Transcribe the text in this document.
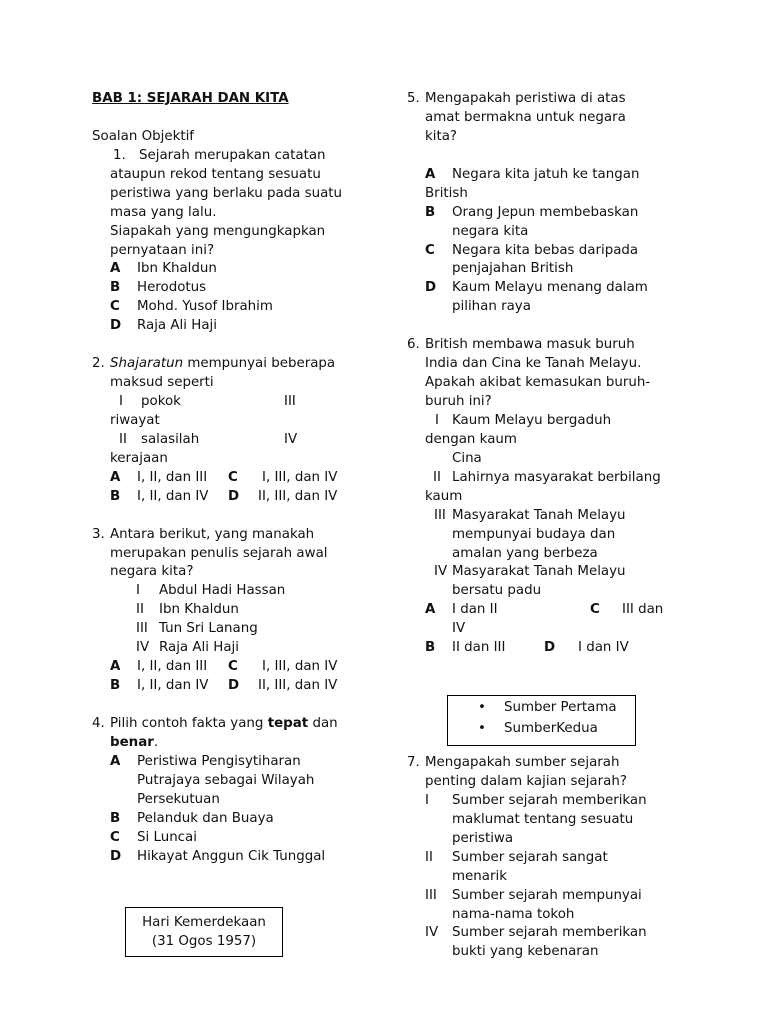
BAB 1: SEJARAH DAN KITA
Soalan Objektif
1. Sejarah merupakan catatan
ataupun rekod tentang sesuatu
peristiwa yang berlaku pada suatu
masa yang lalu.
Siapakah yang mengungkapkan
pernyataan ini?
A Ibn Khaldun
B Herodotus
C Mohd. Yusof Ibrahim
D Raja Ali Haji
2. Shajaratun mempunyai beberapa
maksud seperti
I pokok	III
riwayat
II salasilah	IV
kerajaan
A I, II, dan III C I, III, dan IV
B I, II, dan IV D II, III, dan IV
3. Antara berikut, yang manakah
merupakan penulis sejarah awal
negara kita?
I Abdul Hadi Hassan
II Ibn Khaldun
III Tun Sri Lanang
IV Raja Ali Haji
A I, II, dan III C I, III, dan IV
B I, II, dan IV D II, III, dan IV
4. Pilih contoh fakta yang tepat dan
benar.
A Peristiwa Pengisytiharan
Putrajaya sebagai Wilayah
Persekutuan
B Pelanduk dan Buaya
C Si Luncai
D Hikayat Anggun Cik Tunggal
Hari Kemerdekaan
(31 Ogos 1957)
5. Mengapakah peristiwa di atas
amat bermakna untuk negara
kita?
A Negara kita jatuh ke tangan
British
B Orang Jepun membebaskan
negara kita
C Negara kita bebas daripada
penjajahan British
D Kaum Melayu menang dalam
pilihan raya
6. British membawa masuk buruh
India dan Cina ke Tanah Melayu.
Apakah akibat kemasukan buruh-
buruh ini?
I Kaum Melayu bergaduh
dengan kaum
Cina
II Lahirnya masyarakat berbilang
kaum
III Masyarakat Tanah Melayu
mempunyai budaya dan
amalan yang berbeza
IV Masyarakat Tanah Melayu
bersatu padu
A I dan II	C III dan
IV
B II dan III	D I dan IV
• Sumber Pertama
• SumberKedua
7. Mengapakah sumber sejarah
penting dalam kajian sejarah?
I Sumber sejarah memberikan
maklumat tentang sesuatu
peristiwa
II Sumber sejarah sangat
menarik
III Sumber sejarah mempunyai
nama-nama tokoh
IV Sumber sejarah memberikan
bukti yang kebenaran
